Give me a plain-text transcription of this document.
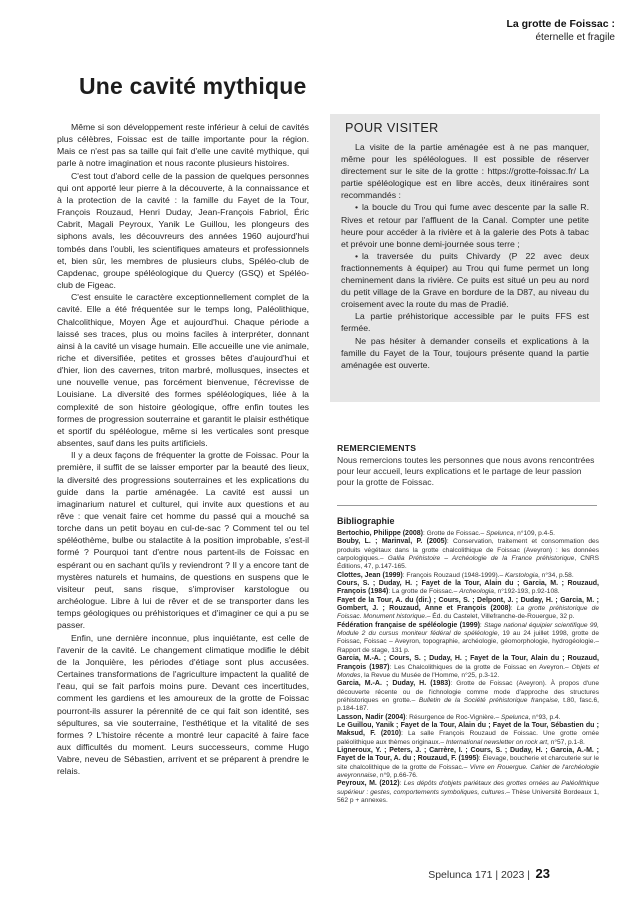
La grotte de Foissac :
éternelle et fragile
Une cavité mythique

Même si son développement reste inférieur à celui de cavités plus célèbres, Foissac est de taille importante pour la région. Mais ce n'est pas sa taille qui fait d'elle une cavité mythique, qui parle à notre imagination et nous raconte plusieurs histoires.

C'est tout d'abord celle de la passion de quelques personnes qui ont apporté leur pierre à la découverte, à la connaissance et à la protection de la cavité : la famille du Fayet de la Tour, François Rouzaud, Henri Duday, Jean-François Fabriol, Éric Cabrit, Magali Peyroux, Yanik Le Guillou, les plongeurs des siphons avals, les découvreurs des années 1960 aujourd'hui tombés dans l'oubli, les scientifiques amateurs et professionnels et, bien sûr, les membres de plusieurs clubs, Spéléo-club de Capdenac, groupe spéléologique du Quercy (GSQ) et Spéléo-club de Figeac.

C'est ensuite le caractère exceptionnellement complet de la cavité. Elle a été fréquentée sur le temps long, Paléolithique, Chalcolithique, Moyen Âge et aujourd'hui. Chaque période a laissé ses traces, plus ou moins faciles à interpréter, donnant ainsi à la cavité un visage humain. Elle accueille une vie animale, riche et diversifiée, petites et grosses bêtes d'aujourd'hui et d'hier, lion des cavernes, triton marbré, mollusques, insectes et une nouvelle venue, pas forcément bienvenue, l'écrevisse de Louisiane. La diversité des formes spéléologiques, liée à la complexité de son histoire géologique, offre enfin toutes les formes de progression souterraine et garantit le plaisir esthétique et sportif du spéléologue, même si les verticales sont presque absentes, sauf dans les puits artificiels.

Il y a deux façons de fréquenter la grotte de Foissac. Pour la première, il suffit de se laisser emporter par la beauté des lieux, la diversité des progressions souterraines et les explications du guide dans la partie aménagée. La cavité est aussi un imaginarium naturel et culturel, qui invite aux questions et au rêve : que venait faire cet homme du passé qui a mouché sa torche dans un petit boyau en cul-de-sac ? Comment tel ou tel spéléothème, bulbe ou stalactite à la position improbable, s'est-il formé ? Pourquoi tant d'entre nous partent-ils de Foissac en espérant ou en sachant qu'ils y reviendront ? Il y a encore tant de mystères naturels et humains, de questions en suspens que le visiteur peut, sans risque, s'improviser karstologue ou archéologue. Libre à lui de rêver et de se transporter dans les temps géologiques ou préhistoriques et d'imaginer ce qui a pu se passer.

Enfin, une dernière inconnue, plus inquiétante, est celle de l'avenir de la cavité. Le changement climatique modifie le débit de la Jonquière, les périodes d'étiage sont plus accusées. Certaines transformations de l'agriculture impactent la qualité de l'eau, qui se fait parfois moins pure. Devant ces incertitudes, comment les gardiens et les amoureux de la grotte de Foissac pourront-ils assurer la pérennité de ce qui fait son identité, ses sépultures, sa vie souterraine, l'esthétique et la vitalité de ses formes ? L'histoire récente a montré leur capacité à faire face aux difficultés du moment. Leurs successeurs, comme Hugo Vabre, neveu de Sébastien, arrivent et se préparent à prendre le relais.

POUR VISITER

La visite de la partie aménagée est à ne pas manquer, même pour les spéléologues. Il est possible de réserver directement sur le site de la grotte : https://grotte-foissac.fr/ La partie spéléologique est en libre accès, deux itinéraires sont recommandés :

• la boucle du Trou qui fume avec descente par la salle R. Rives et retour par l'affluent de la Canal. Compter une petite heure pour accéder à la rivière et à la galerie des Pots à tabac et prévoir une bonne demi-journée sous terre ;

• la traversée du puits Chivardy (P 22 avec deux fractionnements à équiper) au Trou qui fume permet un long cheminement dans la rivière. Ce puits est situé un peu au nord du petit village de la Grave en bordure de la D87, au niveau du croisement avec la route du mas de Pradié.

La partie préhistorique accessible par le puits FFS est fermée.

Ne pas hésiter à demander conseils et explications à la famille du Fayet de la Tour, toujours présente quand la partie aménagée est ouverte.

REMERCIEMENTS

Nous remercions toutes les personnes que nous avons rencontrées pour leur accueil, leurs explications et le partage de leur passion pour la grotte de Foissac.

Bibliographie

Bertochio, Philippe (2008): Grotte de Foissac.– Spelunca, n°109, p.4-5.

Bouby, L. ; Marinval, P. (2005): Conservation, traitement et consommation des produits végétaux dans la grotte chalcolithique de Foissac (Aveyron) : les données carpologiques.– Gallia Préhistoire – Archéologie de la France préhistorique, CNRS Éditions, 47, p.147-165.

Clottes, Jean (1999): François Rouzaud (1948-1999).– Karstologia, n°34, p.58.

Cours, S. ; Duday, H. ; Fayet de la Tour, Alain du ; Garcia, M. ; Rouzaud, François (1984): La grotte de Foissac.– Archeologia, n°192-193, p.92-108.

Fayet de la Tour, A. du (dir.) ; Cours, S. ; Delpont, J. ; Duday, H. ; Garcia, M. ; Gombert, J. ; Rouzaud, Anne et François (2008): La grotte préhistorique de Foissac. Monument historique.– Éd. du Castelet, Villefranche-de-Rouergue, 32 p.

Fédération française de spéléologie (1999): Stage national équipier scientifique 99, Module 2 du cursus moniteur fédéral de spéléologie, 19 au 24 juillet 1998, grotte de Foissac, Foissac – Aveyron, topographie, archéologie, géomorphologie, hydrogéologie.– Rapport de stage, 131 p.

Garcia, M.-A. ; Cours, S. ; Duday, H. ; Fayet de la Tour, Alain du ; Rouzaud, François (1987): Les Chalcolithiques de la grotte de Foissac en Aveyron.– Objets et Mondes, la Revue du Musée de l'Homme, n°25, p.3-12.

Garcia, M.-A. ; Duday, H. (1983): Grotte de Foissac (Aveyron). À propos d'une découverte récente ou de l'ichnologie comme mode d'approche des structures préhistoriques en grotte.– Bulletin de la Société préhistorique française, t.80, fasc.6, p.184-187.

Lasson, Nadir (2004): Résurgence de Roc-Vignière.– Spelunca, n°93, p.4.

Le Guillou, Yanik ; Fayet de la Tour, Alain du ; Fayet de la Tour, Sébastien du ; Maksud, F. (2010): La salle François Rouzaud de Foissac. Une grotte ornée paléolithique aux thèmes originaux.– International newsletter on rock art, n°57, p.1-8.

Ligneroux, Y. ; Peters, J. ; Carrère, I. ; Cours, S. ; Duday, H. ; Garcia, A.-M. ; Fayet de la Tour, A. du ; Rouzaud, F. (1995): Élevage, boucherie et charcuterie sur le site chalcolithique de la grotte de Foissac.– Vivre en Rouergue. Cahier de l'archéologie aveyronnaise, n°9, p.66-76.

Peyroux, M. (2012): Les dépôts d'objets pariétaux des grottes ornées au Paléolithique supérieur : gestes, comportements symboliques, cultures.– Thèse Université Bordeaux 1, 562 p + annexes.

Spelunca 171 | 2023 | 23
